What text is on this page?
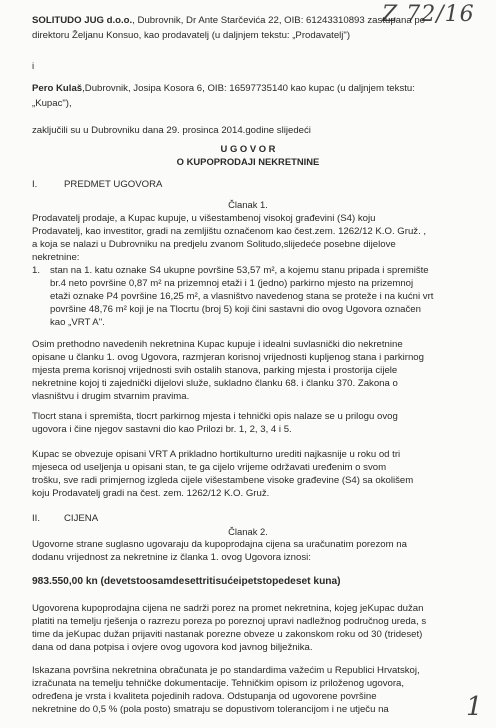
Z 72/16
1
SOLITUDO JUG d.o.o., Dubrovnik, Dr Ante Starčevića 22, OIB: 61243310893 zastupana po
direktoru Željanu Konsuo, kao prodavatelj (u daljnjem tekstu: „Prodavatelj")
i
Pero Kulaš,Dubrovnik, Josipa Kosora 6, OIB: 16597735140 kao kupac (u daljnjem tekstu:
„Kupac"),
zaključili su u Dubrovniku dana 29. prosinca 2014.godine slijedeći
U G O V O R
O KUPOPRODAJI NEKRETNINE
I.	PREDMET UGOVORA
Članak 1.
Prodavatelj prodaje, a Kupac kupuje, u višestambenoj visokoj građevini (S4) koju
Prodavatelj, kao investitor, gradi na zemljištu označenom kao čest.zem. 1262/12 K.O. Gruž. ,
a koja se nalazi u Dubrovniku na predjelu zvanom Solitudo,slijedeće posebne dijelove
nekretnine:
1. stan na 1. katu oznake S4 ukupne površine 53,57 m², a kojemu stanu pripada i spremište
br.4 neto površine 0,87 m² na prizemnoj etaži i 1 (jedno) parkirno mjesto na prizemnoj
etaži oznake P4 površine 16,25 m², a vlasništvo navedenog stana se proteže i na kućni vrt
površine 48,76 m² koji je na Tlocrtu (broj 5) koji čini sastavni dio ovog Ugovora označen
kao „VRT A".
Osim prethodno navedenih nekretnina Kupac kupuje i idealni suvlasnički dio nekretnine
opisane u članku 1. ovog Ugovora, razmjeran korisnoj vrijednosti kupljenog stana i parkirnog
mjesta prema korisnoj vrijednosti svih ostalih stanova, parking mjesta i prostorija cijele
nekretnine kojoj ti zajednički dijelovi služe, sukladno članku 68. i članku 370. Zakona o
vlasništvu i drugim stvarnim pravima.
Tlocrt stana i spremišta, tlocrt parkirnog mjesta i tehnički opis nalaze se u prilogu ovog
ugovora i čine njegov sastavni dio kao Prilozi br. 1, 2, 3, 4 i 5.
Kupac se obvezuje opisani VRT A prikladno hortikulturno urediti najkasnije u roku od tri
mjeseca od useljenja u opisani stan, te ga cijelo vrijeme održavati uređenim o svom
trošku, sve radi primjernog izgleda cijele višestambene visoke građevine (S4) sa okolišem
koju Prodavatelj gradi na čest. zem. 1262/12 K.O. Gruž.
II.	CIJENA
Članak 2.
Ugovorne strane suglasno ugovaraju da kupoprodajna cijena sa uračunatim porezom na
dodanu vrijednost za nekretnine iz članka 1. ovog Ugovora iznosi:
983.550,00 kn (devetstoosamdesettritisućeipetstopedeset kuna)
Ugovorena kupoprodajna cijena ne sadrži porez na promet nekretnina, kojeg jeKupac dužan
platiti na temelju rješenja o razrezu poreza po poreznoj upravi nadležnog područnog ureda, s
time da jeKupac dužan prijaviti nastanak porezne obveze u zakonskom roku od 30 (trideset)
dana od dana potpisa i ovjere ovog ugovora kod javnog bilježnika.
Iskazana površina nekretnina obračunata je po standardima važećim u Republici Hrvatskoj,
izračunata na temelju tehničke dokumentacije. Tehničkim opisom iz priloženog ugovora,
određena je vrsta i kvaliteta pojedinih radova. Odstupanja od ugovorene površine
nekretnine do 0,5 % (pola posto) smatraju se dopustivom tolerancijom i ne utječu na
